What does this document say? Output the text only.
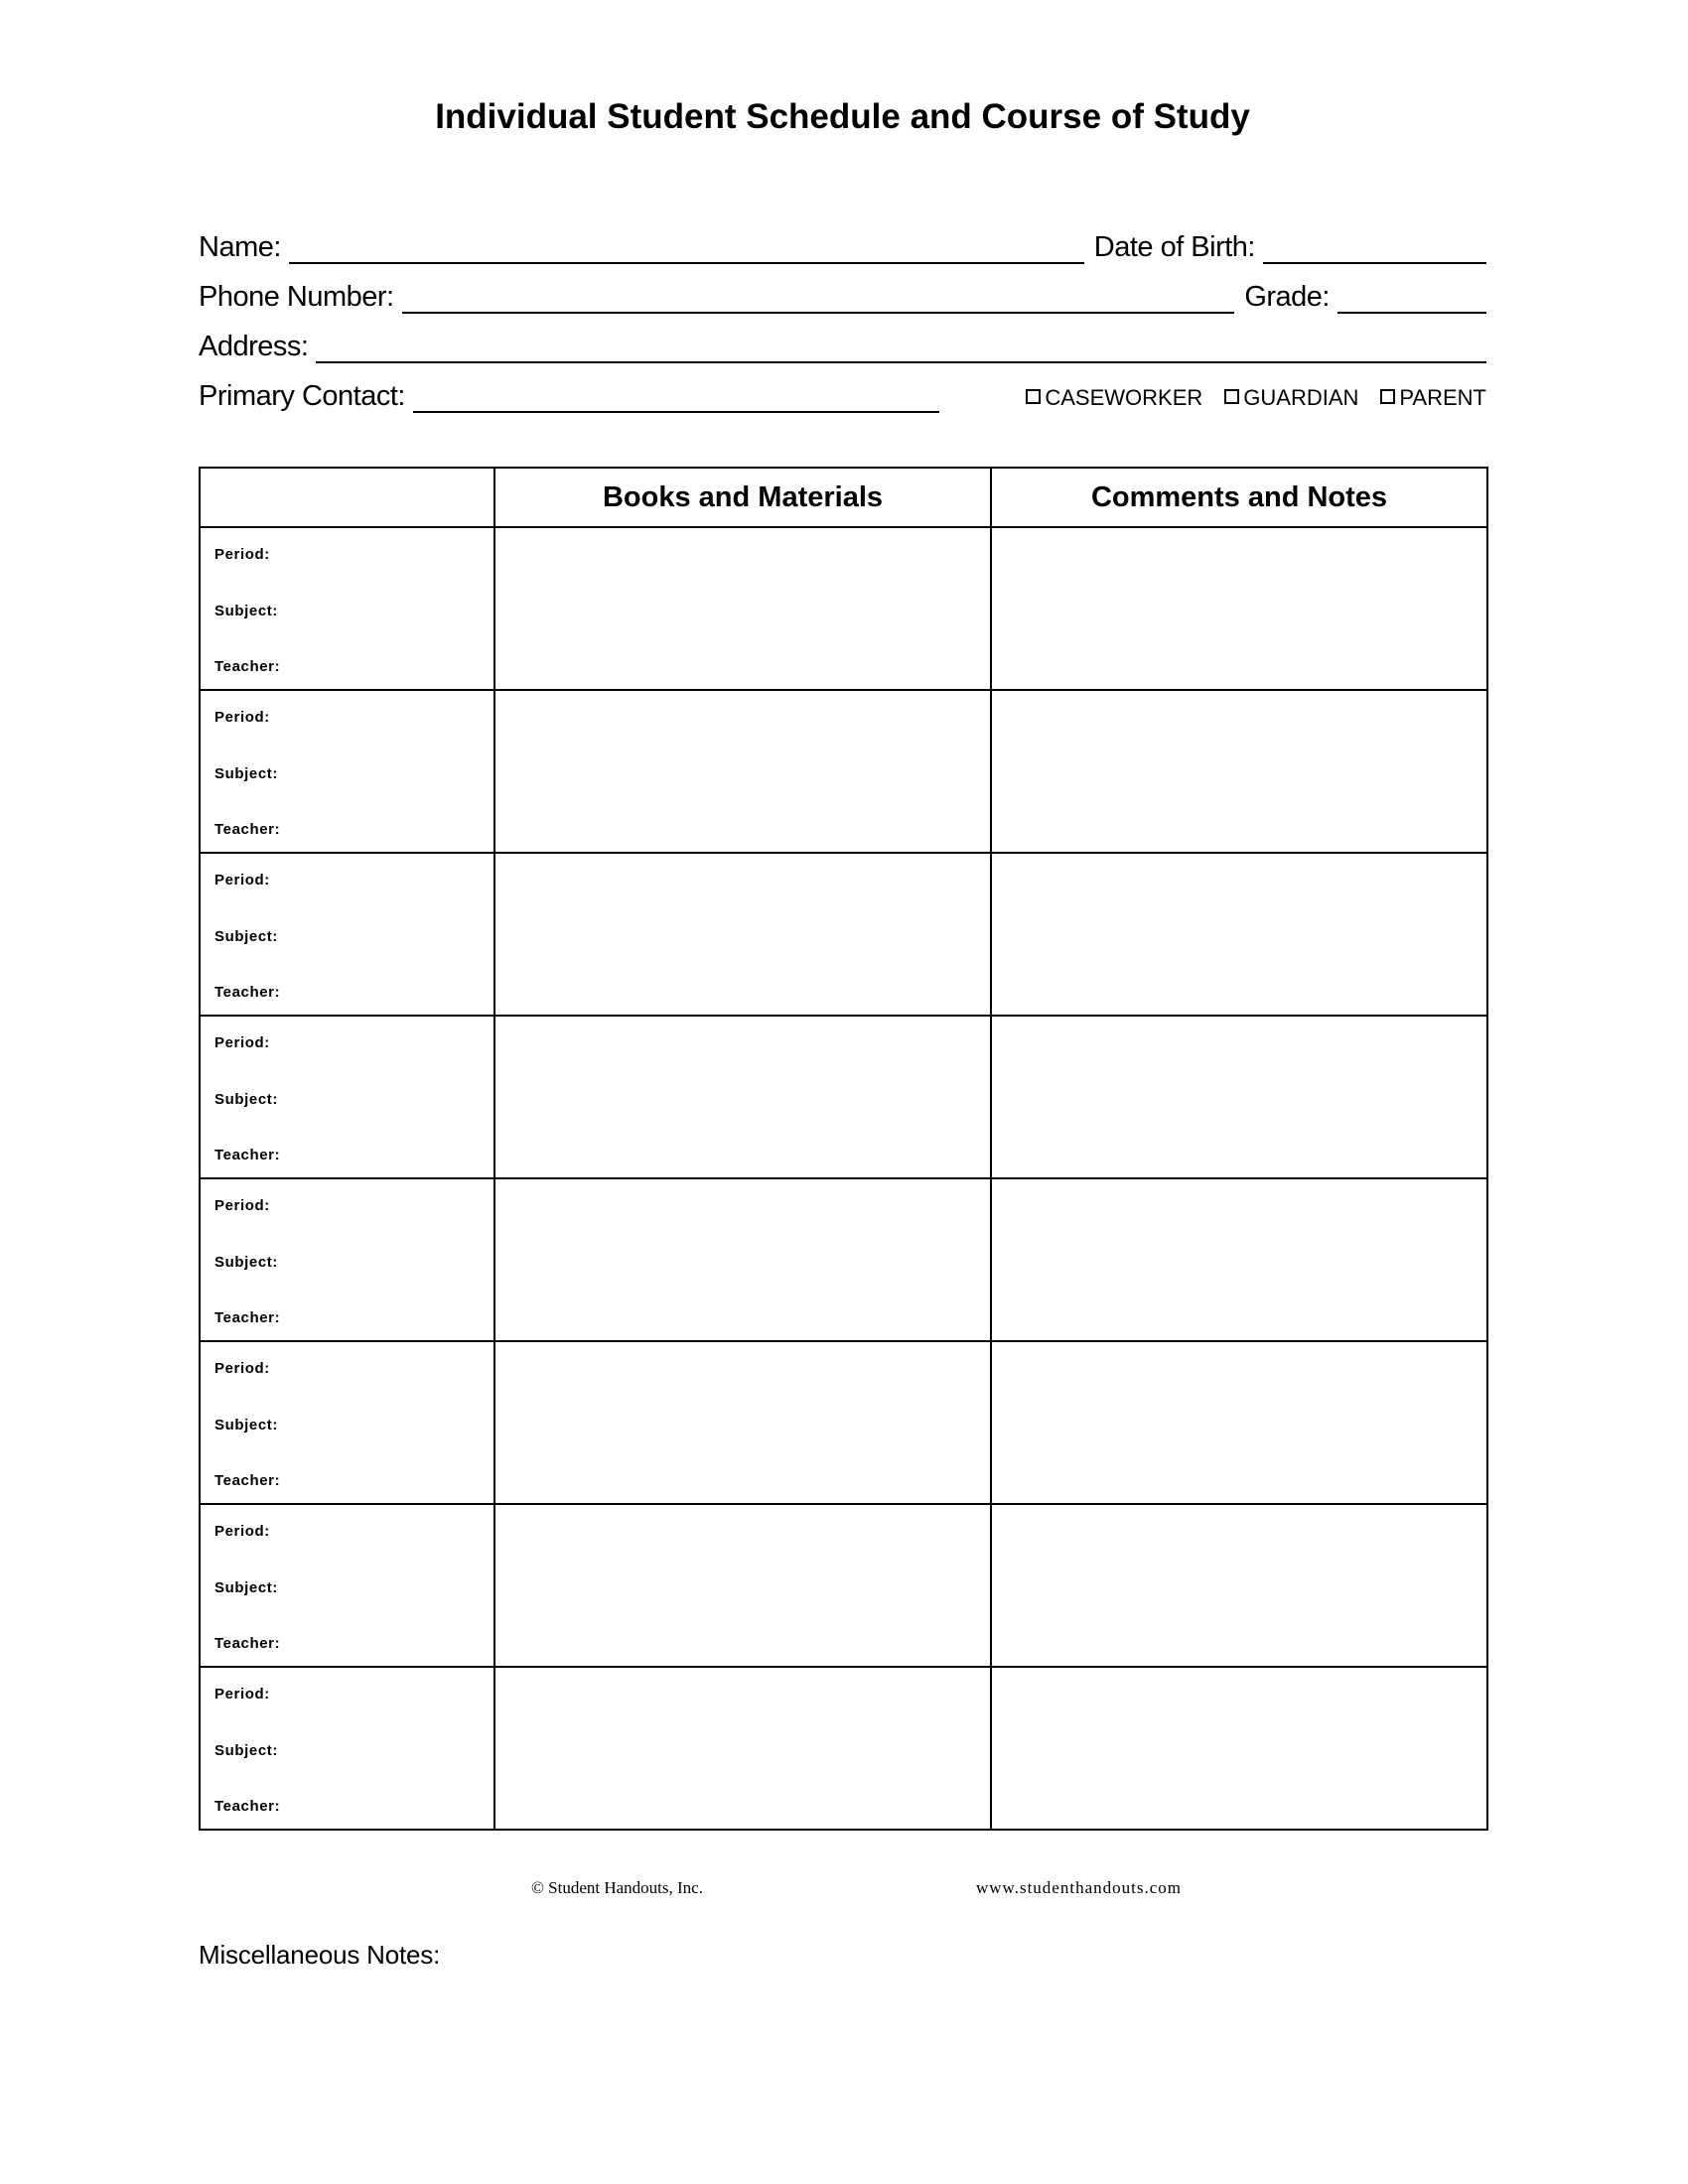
Individual Student Schedule and Course of Study
Name:	Date of Birth:
Phone Number:	Grade:
Address:
Primary Contact:	CASEWORKER GUARDIAN PARENT
	Books and Materials	Comments and Notes

Period:
Subject:
Teacher:		

Period:
Subject:
Teacher:		

Period:
Subject:
Teacher:		

Period:
Subject:
Teacher:		

Period:
Subject:
Teacher:		

Period:
Subject:
Teacher:		

Period:
Subject:
Teacher:		

Period:
Subject:
Teacher:		

© Student Handouts, Inc.	www.studenthandouts.com
Miscellaneous Notes:
